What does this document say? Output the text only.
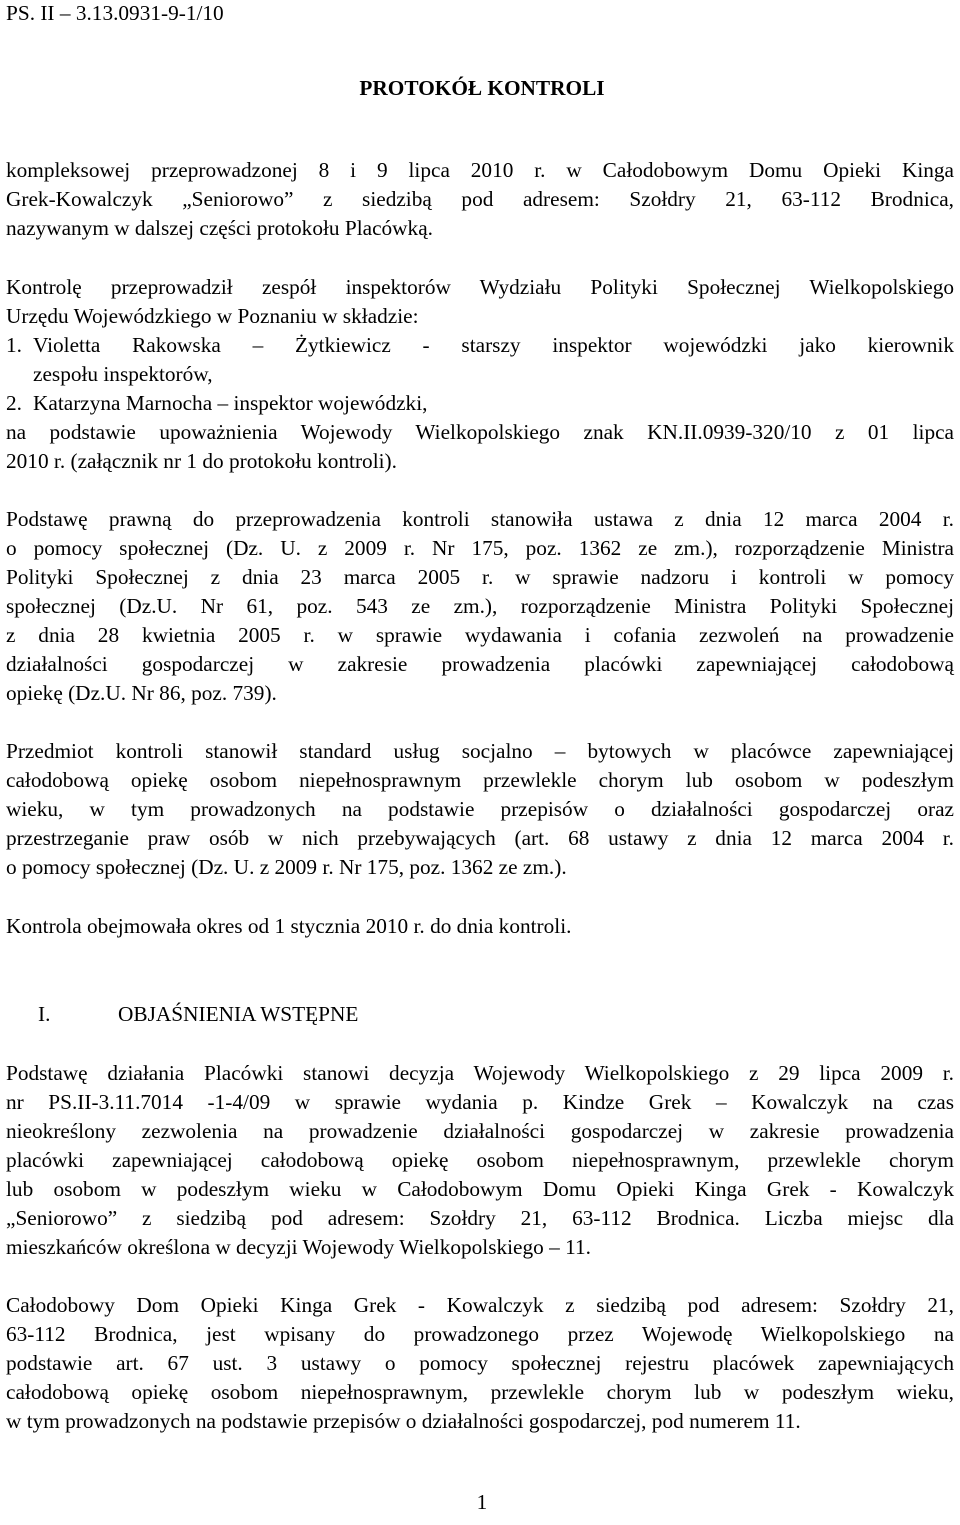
PS. II – 3.13.0931-9-1/10
PROTOKÓŁ KONTROLI
kompleksowej przeprowadzonej 8 i 9 lipca 2010 r. w Całodobowym Domu Opieki Kinga
Grek-Kowalczyk „Seniorowo” z siedzibą pod adresem: Szołdry 21, 63-112 Brodnica,
nazywanym w dalszej części protokołu Placówką.
Kontrolę przeprowadził zespół inspektorów Wydziału Polityki Społecznej Wielkopolskiego
Urzędu Wojewódzkiego w Poznaniu w składzie:
1. Violetta Rakowska – Żytkiewicz - starszy inspektor wojewódzki jako kierownik
zespołu inspektorów,
2. Katarzyna Marnocha – inspektor wojewódzki,
na podstawie upoważnienia Wojewody Wielkopolskiego znak KN.II.0939-320/10 z 01 lipca
2010 r. (załącznik nr 1 do protokołu kontroli).
Podstawę prawną do przeprowadzenia kontroli stanowiła ustawa z dnia 12 marca 2004 r.
o pomocy społecznej (Dz. U. z 2009 r. Nr 175, poz. 1362 ze zm.), rozporządzenie Ministra
Polityki Społecznej z dnia 23 marca 2005 r. w sprawie nadzoru i kontroli w pomocy
społecznej (Dz.U. Nr 61, poz. 543 ze zm.), rozporządzenie Ministra Polityki Społecznej
z dnia 28 kwietnia 2005 r. w sprawie wydawania i cofania zezwoleń na prowadzenie
działalności gospodarczej w zakresie prowadzenia placówki zapewniającej całodobową
opiekę (Dz.U. Nr 86, poz. 739).
Przedmiot kontroli stanowił standard usług socjalno – bytowych w placówce zapewniającej
całodobową opiekę osobom niepełnosprawnym przewlekle chorym lub osobom w podeszłym
wieku, w tym prowadzonych na podstawie przepisów o działalności gospodarczej oraz
przestrzeganie praw osób w nich przebywających (art. 68 ustawy z dnia 12 marca 2004 r.
o pomocy społecznej (Dz. U. z 2009 r. Nr 175, poz. 1362 ze zm.).
Kontrola obejmowała okres od 1 stycznia 2010 r. do dnia kontroli.
I.	OBJAŚNIENIA WSTĘPNE
Podstawę działania Placówki stanowi decyzja Wojewody Wielkopolskiego z 29 lipca 2009 r.
nr PS.II-3.11.7014 -1-4/09 w sprawie wydania p. Kindze Grek – Kowalczyk na czas
nieokreślony zezwolenia na prowadzenie działalności gospodarczej w zakresie prowadzenia
placówki zapewniającej całodobową opiekę osobom niepełnosprawnym, przewlekle chorym
lub osobom w podeszłym wieku w Całodobowym Domu Opieki Kinga Grek - Kowalczyk
„Seniorowo” z siedzibą pod adresem: Szołdry 21, 63-112 Brodnica. Liczba miejsc dla
mieszkańców określona w decyzji Wojewody Wielkopolskiego – 11.
Całodobowy Dom Opieki Kinga Grek - Kowalczyk z siedzibą pod adresem: Szołdry 21,
63-112 Brodnica, jest wpisany do prowadzonego przez Wojewodę Wielkopolskiego na
podstawie art. 67 ust. 3 ustawy o pomocy społecznej rejestru placówek zapewniających
całodobową opiekę osobom niepełnosprawnym, przewlekle chorym lub w podeszłym wieku,
w tym prowadzonych na podstawie przepisów o działalności gospodarczej, pod numerem 11.
1
